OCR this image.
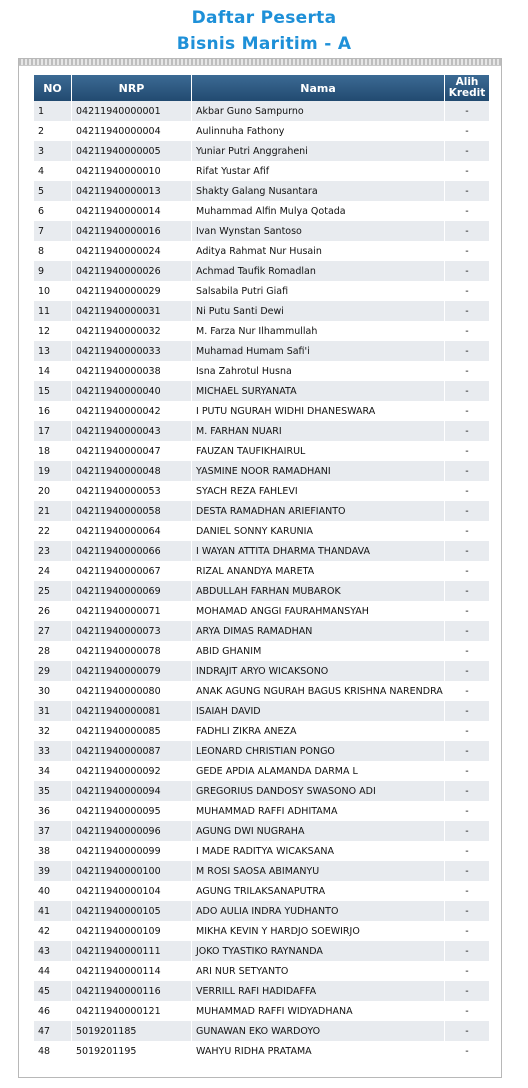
Daftar Peserta
Bisnis Maritim - A
NO	NRP	Nama	Alih
Kredit
1	04211940000001	Akbar Guno Sampurno	-
2	04211940000004	Aulinnuha Fathony	-
3	04211940000005	Yuniar Putri Anggraheni	-
4	04211940000010	Rifat Yustar Afif	-
5	04211940000013	Shakty Galang Nusantara	-
6	04211940000014	Muhammad Alfin Mulya Qotada	-
7	04211940000016	Ivan Wynstan Santoso	-
8	04211940000024	Aditya Rahmat Nur Husain	-
9	04211940000026	Achmad Taufik Romadlan	-
10	04211940000029	Salsabila Putri Giafi	-
11	04211940000031	Ni Putu Santi Dewi	-
12	04211940000032	M. Farza Nur Ilhammullah	-
13	04211940000033	Muhamad Humam Safi'i	-
14	04211940000038	Isna Zahrotul Husna	-
15	04211940000040	MICHAEL SURYANATA	-
16	04211940000042	I PUTU NGURAH WIDHI DHANESWARA	-
17	04211940000043	M. FARHAN NUARI	-
18	04211940000047	FAUZAN TAUFIKHAIRUL	-
19	04211940000048	YASMINE NOOR RAMADHANI	-
20	04211940000053	SYACH REZA FAHLEVI	-
21	04211940000058	DESTA RAMADHAN ARIEFIANTO	-
22	04211940000064	DANIEL SONNY KARUNIA	-
23	04211940000066	I WAYAN ATTITA DHARMA THANDAVA	-
24	04211940000067	RIZAL ANANDYA MARETA	-
25	04211940000069	ABDULLAH FARHAN MUBAROK	-
26	04211940000071	MOHAMAD ANGGI FAURAHMANSYAH	-
27	04211940000073	ARYA DIMAS RAMADHAN	-
28	04211940000078	ABID GHANIM	-
29	04211940000079	INDRAJIT ARYO WICAKSONO	-
30	04211940000080	ANAK AGUNG NGURAH BAGUS KRISHNA NARENDRA	-
31	04211940000081	ISAIAH DAVID	-
32	04211940000085	FADHLI ZIKRA ANEZA	-
33	04211940000087	LEONARD CHRISTIAN PONGO	-
34	04211940000092	GEDE APDIA ALAMANDA DARMA L	-
35	04211940000094	GREGORIUS DANDOSY SWASONO ADI	-
36	04211940000095	MUHAMMAD RAFFI ADHITAMA	-
37	04211940000096	AGUNG DWI NUGRAHA	-
38	04211940000099	I MADE RADITYA WICAKSANA	-
39	04211940000100	M ROSI SAOSA ABIMANYU	-
40	04211940000104	AGUNG TRILAKSANAPUTRA	-
41	04211940000105	ADO AULIA INDRA YUDHANTO	-
42	04211940000109	MIKHA KEVIN Y HARDJO SOEWIRJO	-
43	04211940000111	JOKO TYASTIKO RAYNANDA	-
44	04211940000114	ARI NUR SETYANTO	-
45	04211940000116	VERRILL RAFI HADIDAFFA	-
46	04211940000121	MUHAMMAD RAFFI WIDYADHANA	-
47	5019201185	GUNAWAN EKO WARDOYO	-
48	5019201195	WAHYU RIDHA PRATAMA	-
